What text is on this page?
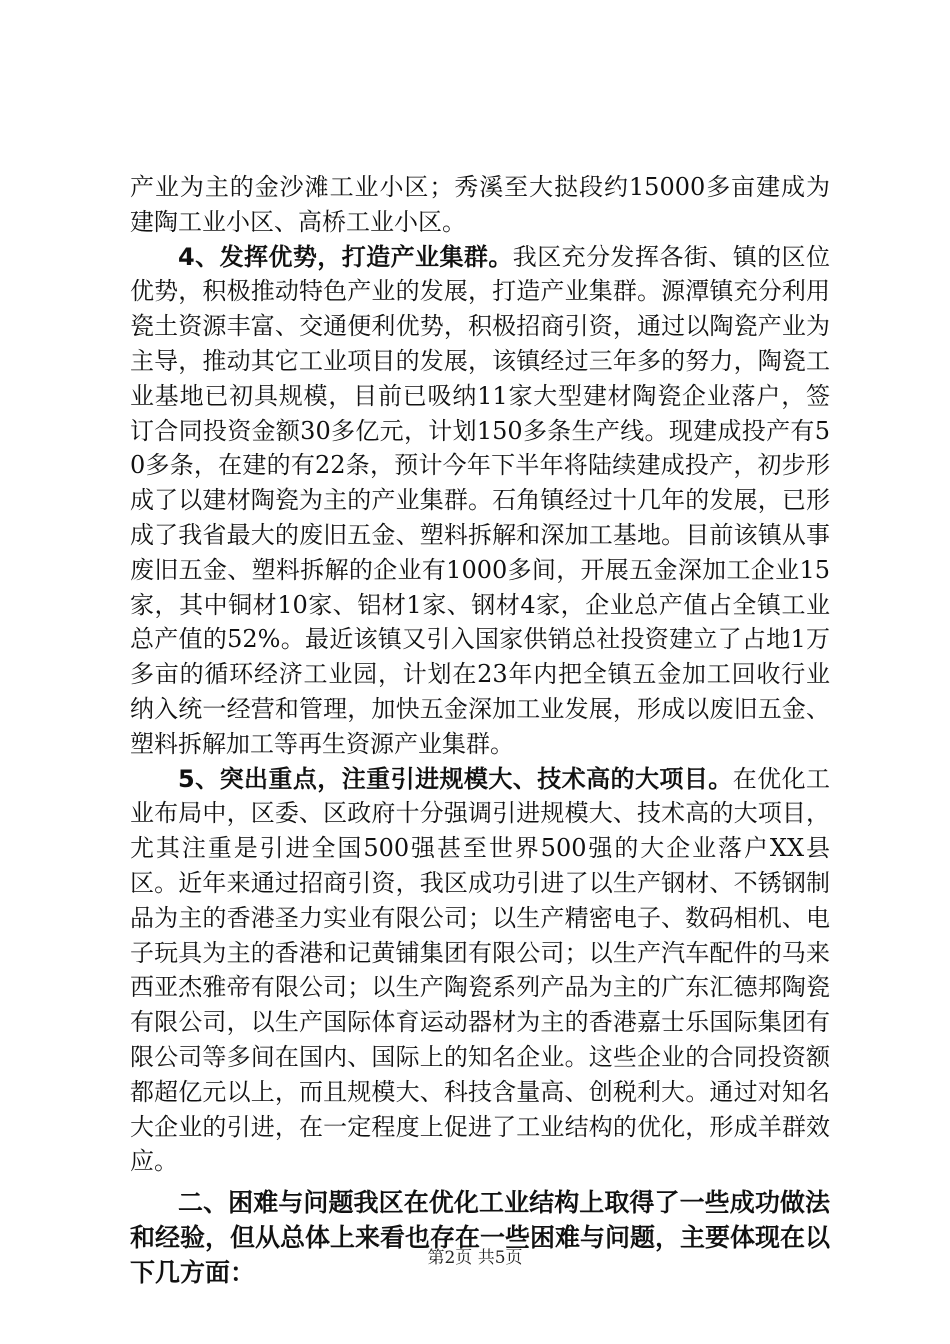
产业为主的金沙滩工业小区；秀溪至大挞段约15000多亩建成为建陶工业小区、高桥工业小区。

4、发挥优势，打造产业集群。我区充分发挥各街、镇的区位优势，积极推动特色产业的发展，打造产业集群。源潭镇充分利用瓷土资源丰富、交通便利优势，积极招商引资，通过以陶瓷产业为主导，推动其它工业项目的发展，该镇经过三年多的努力，陶瓷工业基地已初具规模，目前已吸纳11家大型建材陶瓷企业落户，签订合同投资金额30多亿元，计划150多条生产线。现建成投产有50多条，在建的有22条，预计今年下半年将陆续建成投产，初步形成了以建材陶瓷为主的产业集群。石角镇经过十几年的发展，已形成了我省最大的废旧五金、塑料拆解和深加工基地。目前该镇从事废旧五金、塑料拆解的企业有1000多间，开展五金深加工企业15家，其中铜材10家、铝材1家、钢材4家，企业总产值占全镇工业总产值的52%。最近该镇又引入国家供销总社投资建立了占地1万多亩的循环经济工业园，计划在23年内把全镇五金加工回收行业纳入统一经营和管理，加快五金深加工业发展，形成以废旧五金、塑料拆解加工等再生资源产业集群。

5、突出重点，注重引进规模大、技术高的大项目。在优化工业布局中，区委、区政府十分强调引进规模大、技术高的大项目，尤其注重是引进全国500强甚至世界500强的大企业落户XX县区。近年来通过招商引资，我区成功引进了以生产钢材、不锈钢制品为主的香港圣力实业有限公司；以生产精密电子、数码相机、电子玩具为主的香港和记黄铺集团有限公司；以生产汽车配件的马来西亚杰雅帝有限公司；以生产陶瓷系列产品为主的广东汇德邦陶瓷有限公司，以生产国际体育运动器材为主的香港嘉士乐国际集团有限公司等多间在国内、国际上的知名企业。这些企业的合同投资额都超亿元以上，而且规模大、科技含量高、创税利大。通过对知名大企业的引进，在一定程度上促进了工业结构的优化，形成羊群效应。

二、困难与问题我区在优化工业结构上取得了一些成功做法和经验，但从总体上来看也存在一些困难与问题，主要体现在以下几方面：

第2页 共5页
